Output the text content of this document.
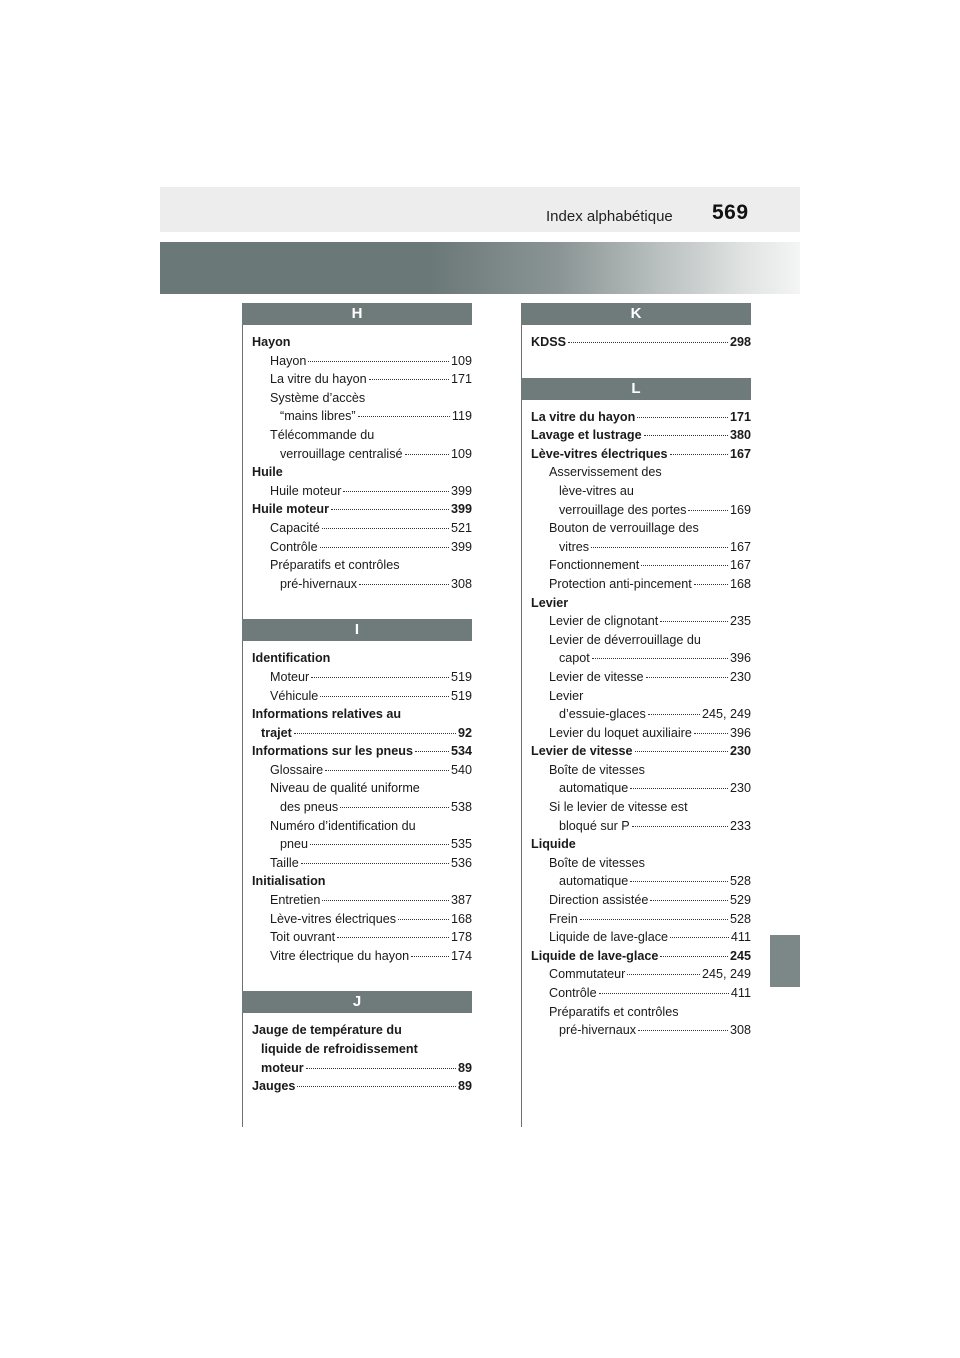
Index alphabétique 569
H
Hayon
Hayon	109
La vitre du hayon	171
Système d’accès
“mains libres”	119
Télécommande du
verrouillage centralisé	109
Huile
Huile moteur	399
Huile moteur	399
Capacité	521
Contrôle	399
Préparatifs et contrôles
pré-hivernaux	308
I
Identification
Moteur	519
Véhicule	519
Informations relatives au
trajet	92
Informations sur les pneus	534
Glossaire	540
Niveau de qualité uniforme
des pneus	538
Numéro d’identification du
pneu	535
Taille	536
Initialisation
Entretien	387
Lève-vitres électriques	168
Toit ouvrant	178
Vitre électrique du hayon	174
J
Jauge de température du
liquide de refroidissement
moteur	89
Jauges	89
K
KDSS	298
L
La vitre du hayon	171
Lavage et lustrage	380
Lève-vitres électriques	167
Asservissement des
lève-vitres au
verrouillage des portes	169
Bouton de verrouillage des
vitres	167
Fonctionnement	167
Protection anti-pincement	168
Levier
Levier de clignotant	235
Levier de déverrouillage du
capot	396
Levier de vitesse	230
Levier
d’essuie-glaces	245, 249
Levier du loquet auxiliaire	396
Levier de vitesse	230
Boîte de vitesses
automatique	230
Si le levier de vitesse est
bloqué sur P	233
Liquide
Boîte de vitesses
automatique	528
Direction assistée	529
Frein	528
Liquide de lave-glace	411
Liquide de lave-glace	245
Commutateur	245, 249
Contrôle	411
Préparatifs et contrôles
pré-hivernaux	308
